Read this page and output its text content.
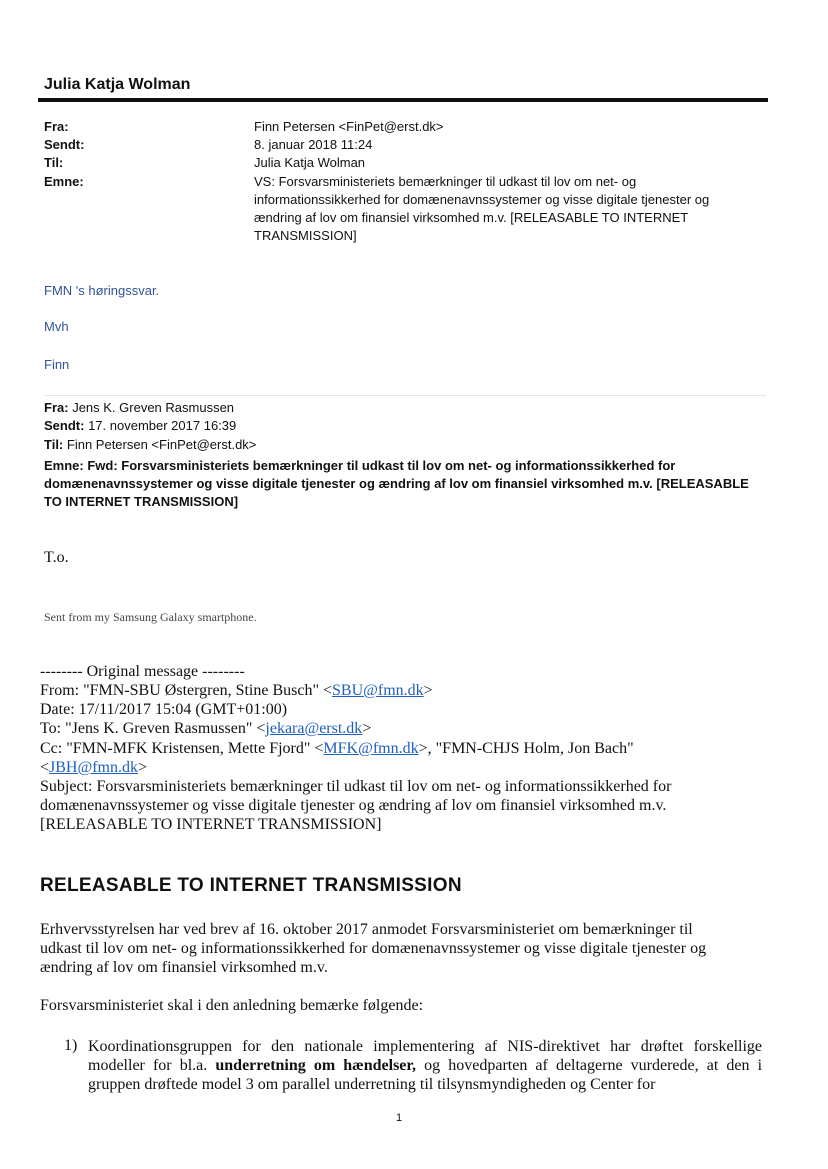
Julia Katja Wolman
Fra:	Finn Petersen <FinPet@erst.dk>
Sendt:	8. januar 2018 11:24
Til:	Julia Katja Wolman
Emne:	VS: Forsvarsministeriets bemærkninger til udkast til lov om net- og informationssikkerhed for domænenavnssystemer og visse digitale tjenester og ændring af lov om finansiel virksomhed m.v. [RELEASABLE TO INTERNET TRANSMISSION]
FMN 's høringssvar.
Mvh
Finn
Fra: Jens K. Greven Rasmussen
Sendt: 17. november 2017 16:39
Til: Finn Petersen <FinPet@erst.dk>
Emne: Fwd: Forsvarsministeriets bemærkninger til udkast til lov om net- og informationssikkerhed for domænenavnssystemer og visse digitale tjenester og ændring af lov om finansiel virksomhed m.v. [RELEASABLE TO INTERNET TRANSMISSION]
T.o.
Sent from my Samsung Galaxy smartphone.
-------- Original message --------
From: "FMN-SBU Østergren, Stine Busch" <SBU@fmn.dk>
Date: 17/11/2017 15:04 (GMT+01:00)
To: "Jens K. Greven Rasmussen" <jekara@erst.dk>
Cc: "FMN-MFK Kristensen, Mette Fjord" <MFK@fmn.dk>, "FMN-CHJS Holm, Jon Bach"
<JBH@fmn.dk>
Subject: Forsvarsministeriets bemærkninger til udkast til lov om net- og informationssikkerhed for
domænenavnssystemer og visse digitale tjenester og ændring af lov om finansiel virksomhed m.v.
[RELEASABLE TO INTERNET TRANSMISSION]
RELEASABLE TO INTERNET TRANSMISSION
Erhvervsstyrelsen har ved brev af 16. oktober 2017 anmodet Forsvarsministeriet om bemærkninger til
udkast til lov om net- og informationssikkerhed for domænenavnssystemer og visse digitale tjenester og
ændring af lov om finansiel virksomhed m.v.
Forsvarsministeriet skal i den anledning bemærke følgende:
1) Koordinationsgruppen for den nationale implementering af NIS-direktivet har drøftet forskellige modeller for bl.a. underretning om hændelser, og hovedparten af deltagerne vurderede, at den i gruppen drøftede model 3 om parallel underretning til tilsynsmyndigheden og Center for
1
